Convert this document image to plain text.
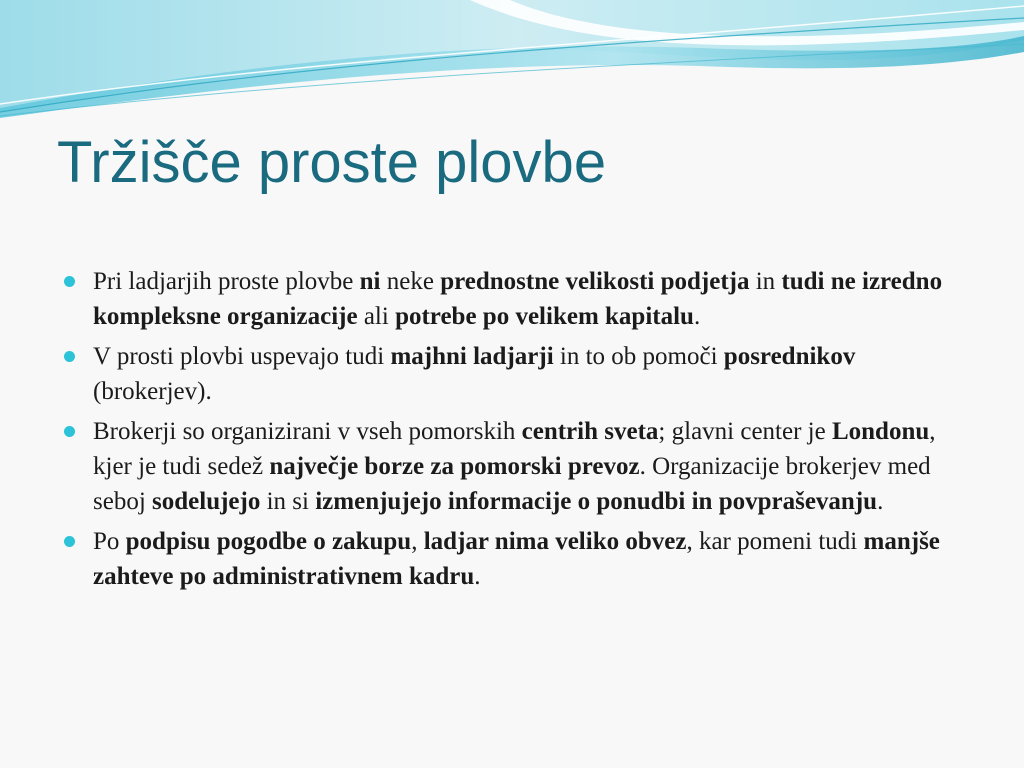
Tržišče proste plovbe
Pri ladjarjih proste plovbe ni neke prednostne velikosti podjetja in tudi ne izredno kompleksne organizacije ali potrebe po velikem kapitalu.
V prosti plovbi uspevajo tudi majhni ladjarji in to ob pomoči posrednikov (brokerjev).
Brokerji so organizirani v vseh pomorskih centrih sveta; glavni center je Londonu, kjer je tudi sedež največje borze za pomorski prevoz. Organizacije brokerjev med seboj sodelujejo in si izmenjujejo informacije o ponudbi in povpraševanju.
Po podpisu pogodbe o zakupu, ladjar nima veliko obvez, kar pomeni tudi manjše zahteve po administrativnem kadru.
